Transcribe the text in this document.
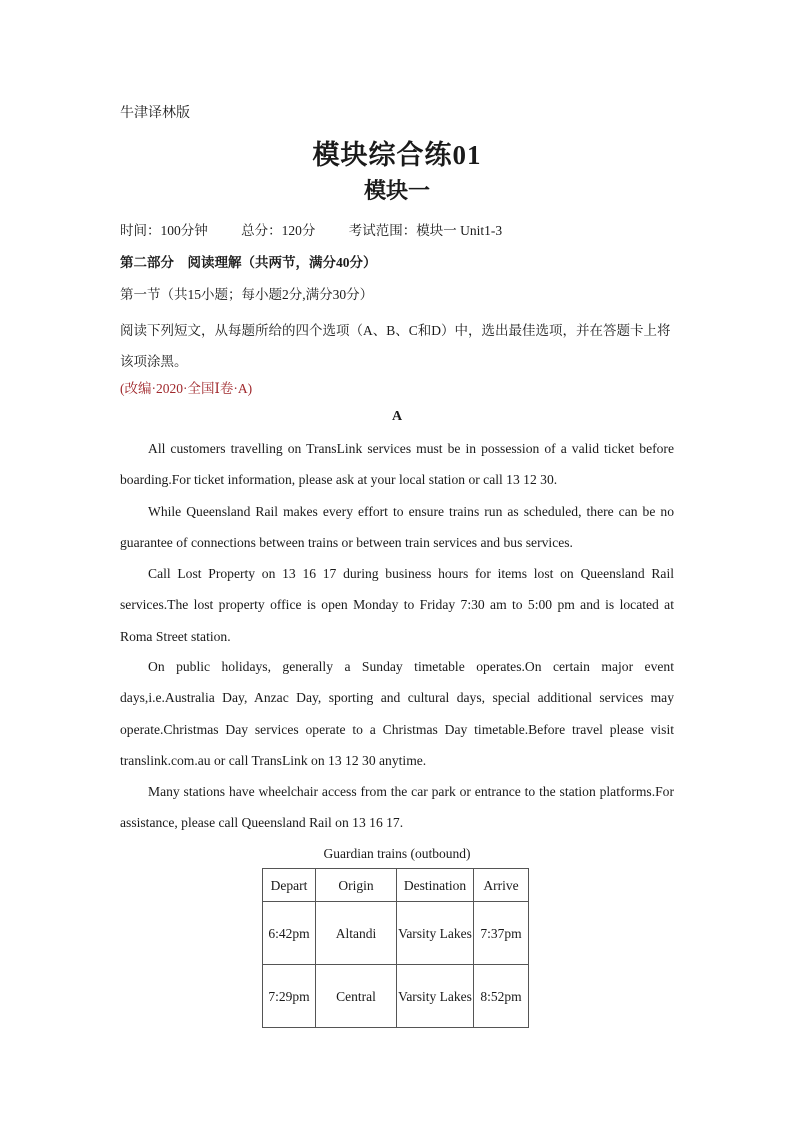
牛津译林版
模块综合练01
模块一
时间：100分钟 总分：120分 考试范围：模块一 Unit1-3
第二部分　阅读理解（共两节，满分40分）
第一节（共15小题；每小题2分,满分30分）
阅读下列短文，从每题所给的四个选项（A、B、C和D）中，选出最佳选项，并在答题卡上将该项涂黑。
(改编·2020·全国Ⅰ卷·A)
A

All customers travelling on TransLink services must be in possession of a valid ticket before boarding.For ticket information, please ask at your local station or call 13 12 30.

While Queensland Rail makes every effort to ensure trains run as scheduled, there can be no guarantee of connections between trains or between train services and bus services.

Call Lost Property on 13 16 17 during business hours for items lost on Queensland Rail services.The lost property office is open Monday to Friday 7:30 am to 5:00 pm and is located at Roma Street station.

On public holidays, generally a Sunday timetable operates.On certain major event days,i.e.Australia Day, Anzac Day, sporting and cultural days, special additional services may operate.Christmas Day services operate to a Christmas Day timetable.Before travel please visit translink.com.au or call TransLink on 13 12 30 anytime.

Many stations have wheelchair access from the car park or entrance to the station platforms.For assistance, please call Queensland Rail on 13 16 17.

Guardian trains (outbound)
Depart	Origin	Destination	Arrive
6:42pm	Altandi	Varsity Lakes	7:37pm
7:29pm	Central	Varsity Lakes	8:52pm
